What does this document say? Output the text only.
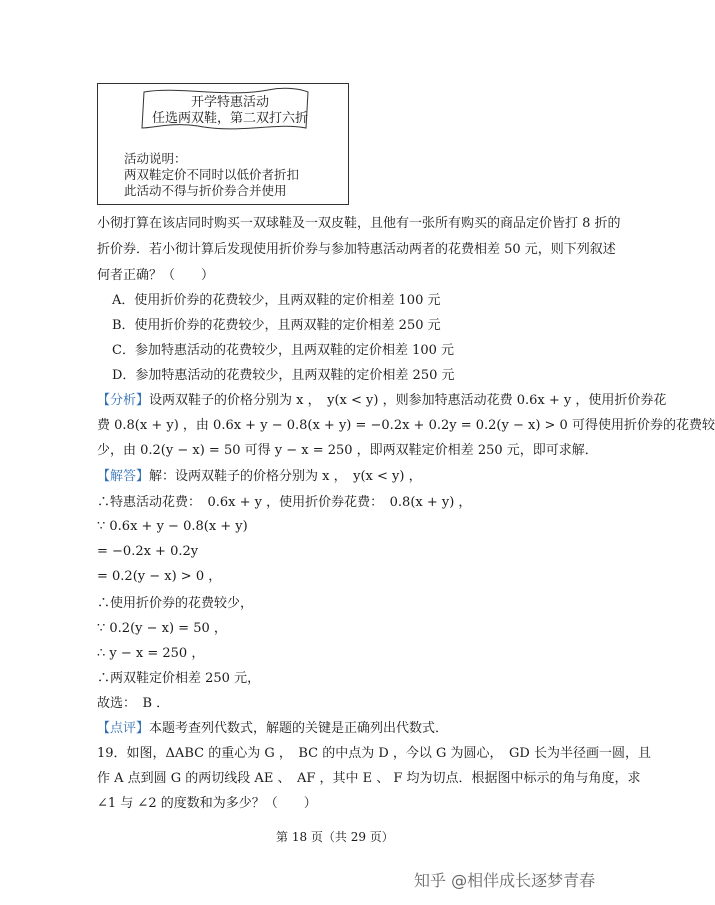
开学特惠活动
任选两双鞋，第二双打六折
活动说明：
两双鞋定价不同时以低价者折扣
此活动不得与折价券合并使用
小彻打算在该店同时购买一双球鞋及一双皮鞋，且他有一张所有购买的商品定价皆打 8 折的
折价券．若小彻计算后发现使用折价券与参加特惠活动两者的花费相差 50 元，则下列叙述
何者正确？（　　）
A．使用折价券的花费较少，且两双鞋的定价相差 100 元
B．使用折价券的花费较少，且两双鞋的定价相差 250 元
C．参加特惠活动的花费较少，且两双鞋的定价相差 100 元
D．参加特惠活动的花费较少，且两双鞋的定价相差 250 元
【分析】设两双鞋子的价格分别为 x ，　y(x < y) ，则参加特惠活动花费 0.6x + y ，使用折价券花
费 0.8(x + y) ，由 0.6x + y − 0.8(x + y) = −0.2x + 0.2y = 0.2(y − x) > 0 可得使用折价券的花费较
少，由 0.2(y − x) = 50 可得 y − x = 250 ，即两双鞋定价相差 250 元，即可求解．
【解答】解：设两双鞋子的价格分别为 x ，　y(x < y) ，
∴特惠活动花费：　0.6x + y ，使用折价券花费：　0.8(x + y) ，
∵ 0.6x + y − 0.8(x + y)
= −0.2x + 0.2y
= 0.2(y − x) > 0 ，
∴使用折价券的花费较少，
∵ 0.2(y − x) = 50 ，
∴ y − x = 250 ，
∴两双鞋定价相差 250 元，
故选：　B ．
【点评】本题考查列代数式，解题的关键是正确列出代数式．
19．如图，ΔABC 的重心为 G ，　BC 的中点为 D ，今以 G 为圆心，　GD 长为半径画一圆，且
作 A 点到圆 G 的两切线段 AE 、　AF ，其中 E 、 F 均为切点．根据图中标示的角与角度，求
∠1 与 ∠2 的度数和为多少？（　　）
第 18 页（共 29 页）
知乎 @相伴成长逐梦青春
